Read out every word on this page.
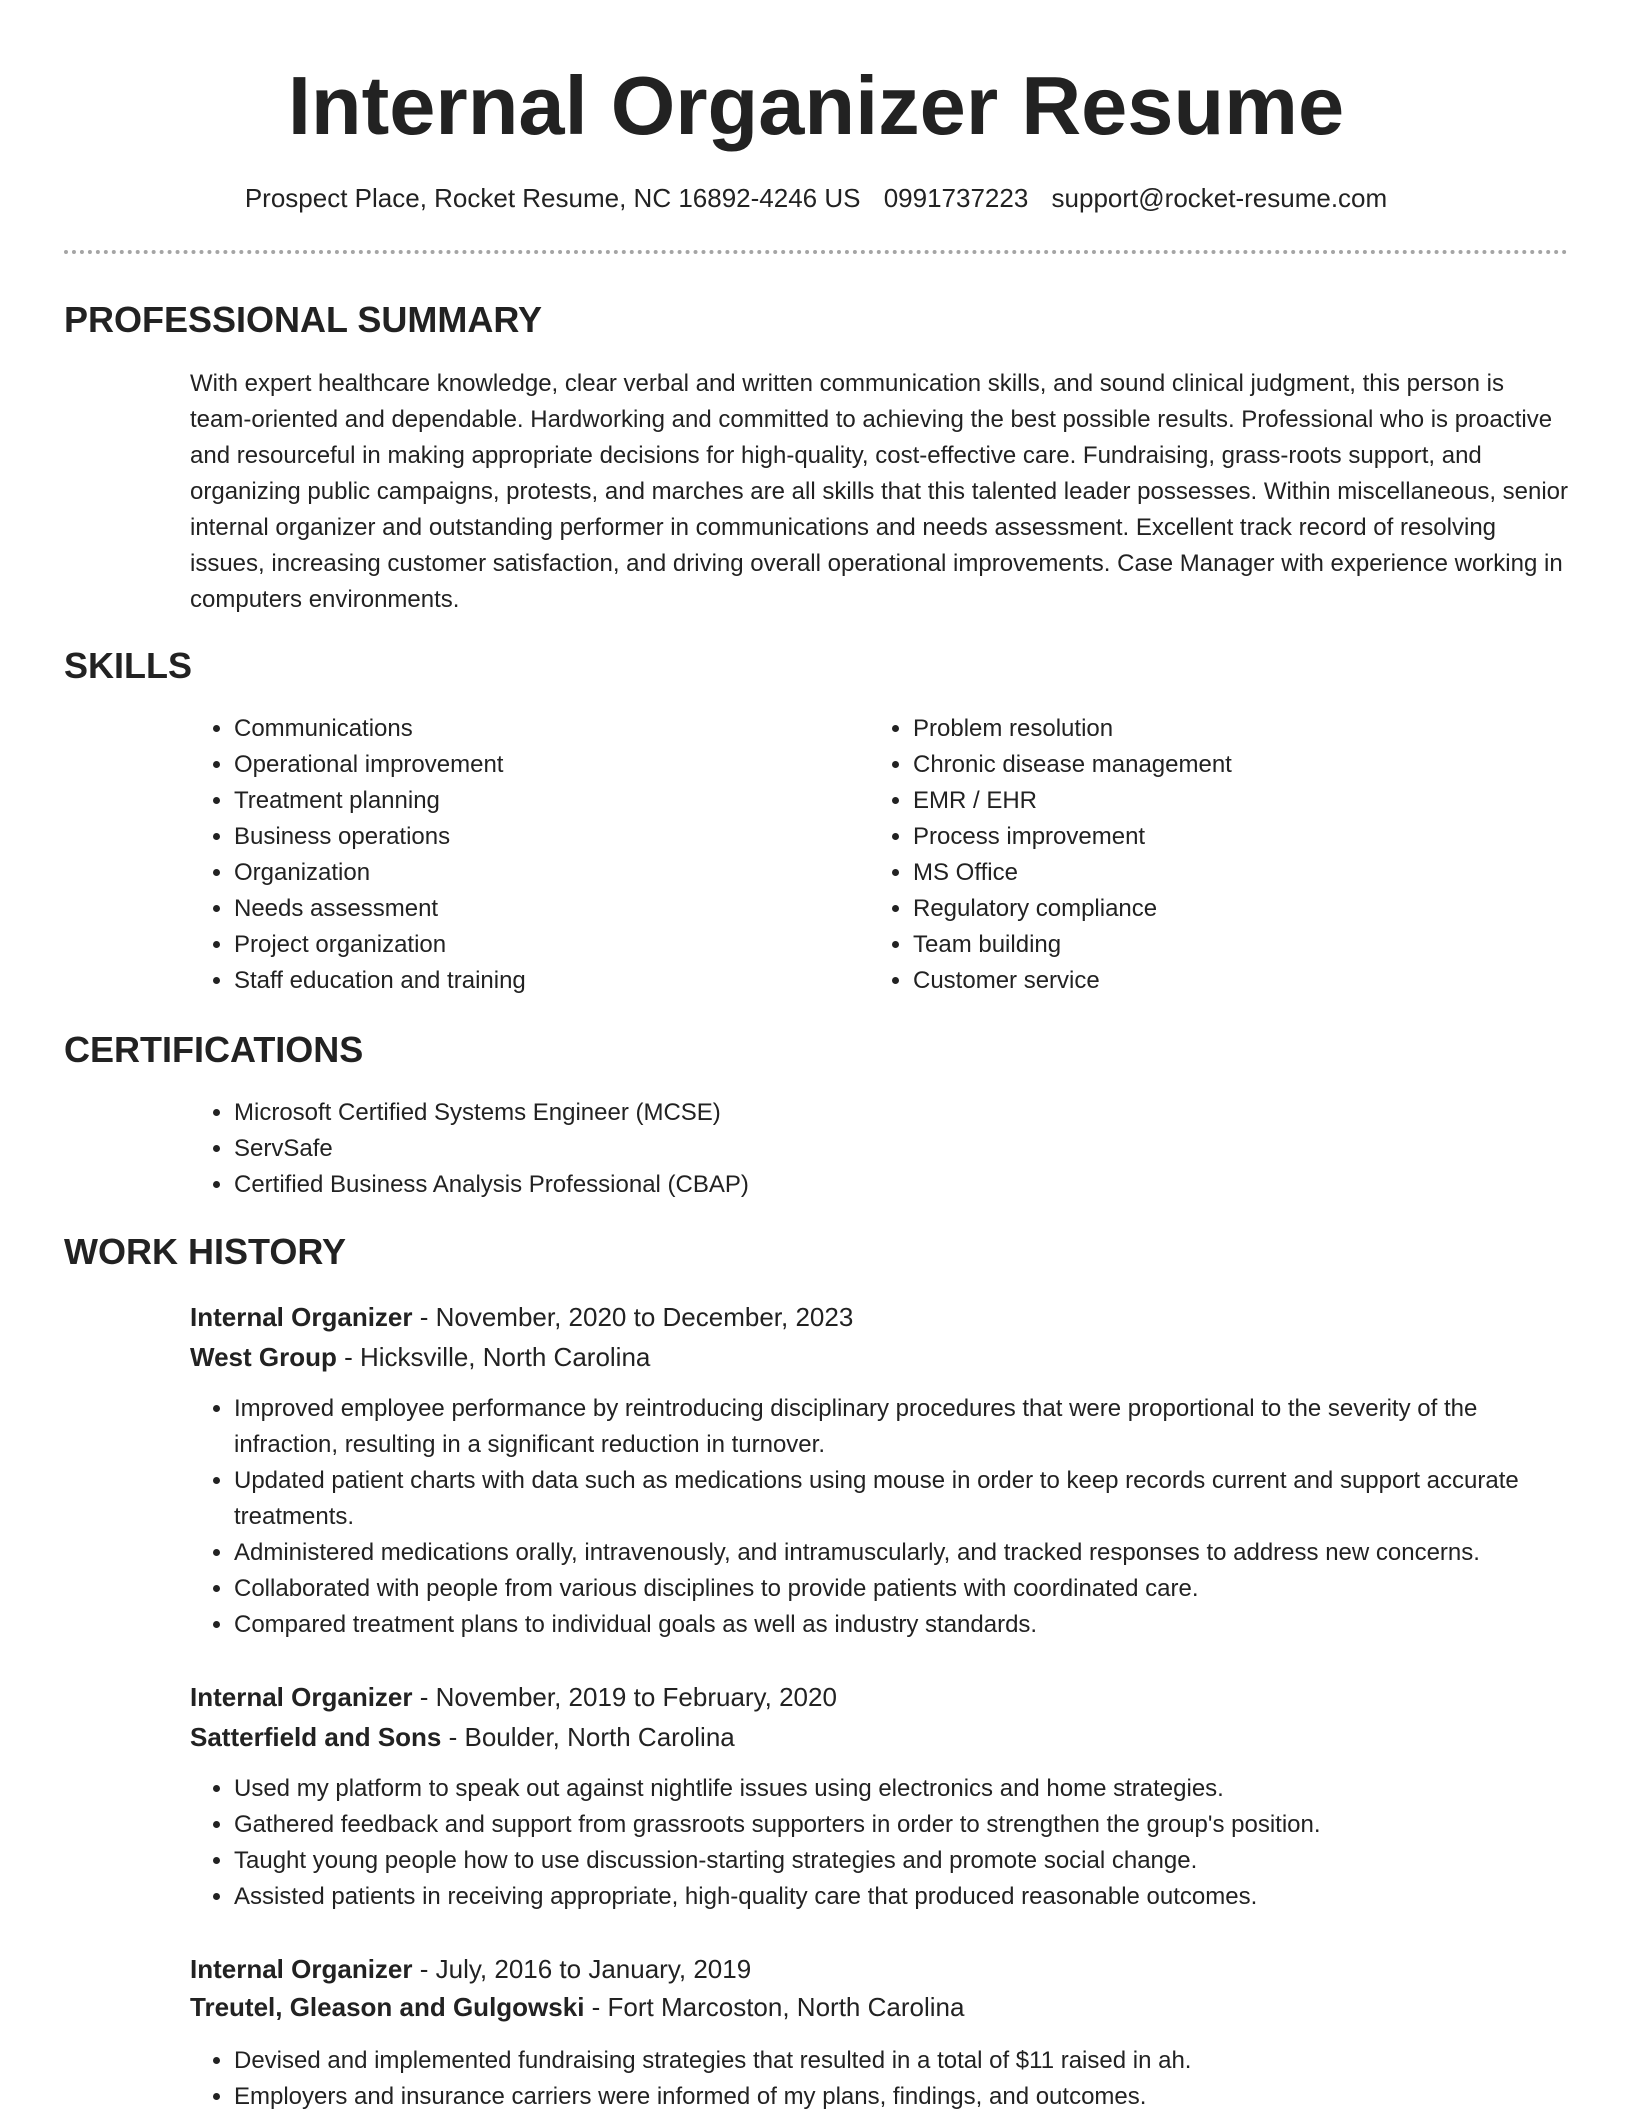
Internal Organizer Resume
Prospect Place, Rocket Resume, NC 16892-4246 US 0991737223 support@rocket-resume.com
PROFESSIONAL SUMMARY

With expert healthcare knowledge, clear verbal and written communication skills, and sound clinical judgment, this person is team-oriented and dependable. Hardworking and committed to achieving the best possible results. Professional who is proactive and resourceful in making appropriate decisions for high-quality, cost-effective care. Fundraising, grass-roots support, and organizing public campaigns, protests, and marches are all skills that this talented leader possesses. Within miscellaneous, senior internal organizer and outstanding performer in communications and needs assessment. Excellent track record of resolving issues, increasing customer satisfaction, and driving overall operational improvements. Case Manager with experience working in computers environments.

SKILLS
• Communications
• Operational improvement
• Treatment planning
• Business operations
• Organization
• Needs assessment
• Project organization
• Staff education and training
• Problem resolution
• Chronic disease management
• EMR / EHR
• Process improvement
• MS Office
• Regulatory compliance
• Team building
• Customer service
CERTIFICATIONS
• Microsoft Certified Systems Engineer (MCSE)
• ServSafe
• Certified Business Analysis Professional (CBAP)
WORK HISTORY
Internal Organizer - November, 2020 to December, 2023
West Group - Hicksville, North Carolina
• Improved employee performance by reintroducing disciplinary procedures that were proportional to the severity of the infraction, resulting in a significant reduction in turnover.
• Updated patient charts with data such as medications using mouse in order to keep records current and support accurate treatments.
• Administered medications orally, intravenously, and intramuscularly, and tracked responses to address new concerns.
• Collaborated with people from various disciplines to provide patients with coordinated care.
• Compared treatment plans to individual goals as well as industry standards.
Internal Organizer - November, 2019 to February, 2020
Satterfield and Sons - Boulder, North Carolina
• Used my platform to speak out against nightlife issues using electronics and home strategies.
• Gathered feedback and support from grassroots supporters in order to strengthen the group's position.
• Taught young people how to use discussion-starting strategies and promote social change.
• Assisted patients in receiving appropriate, high-quality care that produced reasonable outcomes.
Internal Organizer - July, 2016 to January, 2019
Treutel, Gleason and Gulgowski - Fort Marcoston, North Carolina
• Devised and implemented fundraising strategies that resulted in a total of $11 raised in ah.
• Employers and insurance carriers were informed of my plans, findings, and outcomes.
